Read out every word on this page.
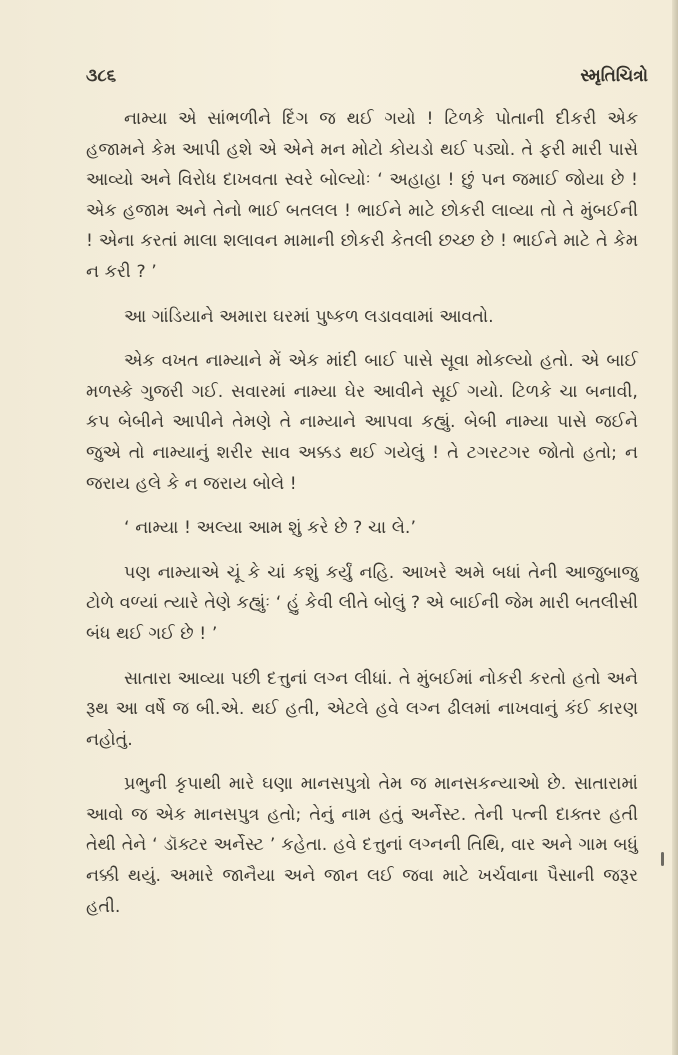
૩૮૬	સ્મૃતિચિત્રો

નામ્યા એ સાંભળીને દિંગ જ થઈ ગયો ! ટિળકે પોતાની દીકરી એક હજામને કેમ આપી હશે એ એને મન મોટો કોયડો થઈ પડ્યો. તે ફરી મારી પાસે આવ્યો અને વિરોધ દાખવતા સ્વરે બોલ્યોઃ ‘ અહાહા ! છું પન જમાઈ જોયા છે ! એક હજામ અને તેનો ભાઈ બતલલ ! ભાઈને માટે છોકરી લાવ્યા તો તે મુંબઈની ! એના કરતાં માલા શલાવન મામાની છોકરી કેતલી છચ્છ છે ! ભાઈને માટે તે કેમ ન કરી ? ’

આ ગાંડિયાને અમારા ઘરમાં પુષ્કળ લડાવવામાં આવતો.

એક વખત નામ્યાને મેં એક માંદી બાઈ પાસે સૂવા મોકલ્યો હતો. એ બાઈ મળસ્કે ગુજરી ગઈ. સવારમાં નામ્યા ઘેર આવીને સૂઈ ગયો. ટિળકે ચા બનાવી, કપ બેબીને આપીને તેમણે તે નામ્યાને આપવા કહ્યું. બેબી નામ્યા પાસે જઈને જુએ તો નામ્યાનું શરીર સાવ અક્કડ થઈ ગયેલું ! તે ટગરટગર જોતો હતો; ન જરાય હલે કે ન જરાય બોલે !

‘ નામ્યા ! અલ્યા આમ શું કરે છે ? ચા લે.’

પણ નામ્યાએ ચૂં કે ચાં કશું કર્યું નહિ. આખરે અમે બધાં તેની આજુબાજુ ટોળે વળ્યાં ત્યારે તેણે કહ્યુંઃ ‘ હું કેવી લીતે બોલું ? એ બાઈની જેમ મારી બતલીસી બંધ થઈ ગઈ છે ! ’

સાતારા આવ્યા પછી દત્તુનાં લગ્ન લીધાં. તે મુંબઈમાં નોકરી કરતો હતો અને રૂથ આ વર્ષે જ બી.એ. થઈ હતી, એટલે હવે લગ્ન ઢીલમાં નાખવાનું કંઈ કારણ નહોતું.

પ્રભુની કૃપાથી મારે ઘણા માનસપુત્રો તેમ જ માનસકન્યાઓ છે. સાતારામાં આવો જ એક માનસપુત્ર હતો; તેનું નામ હતું અર્નેસ્ટ. તેની પત્ની દાક્તર હતી તેથી તેને ‘ ડૉક્ટર અર્નેસ્ટ ’ કહેતા. હવે દત્તુનાં લગ્નની તિથિ, વાર અને ગામ બધું નક્કી થયું. અમારે જાનૈયા અને જાન લઈ જવા માટે ખર્ચવાના પૈસાની જરૂર હતી.
